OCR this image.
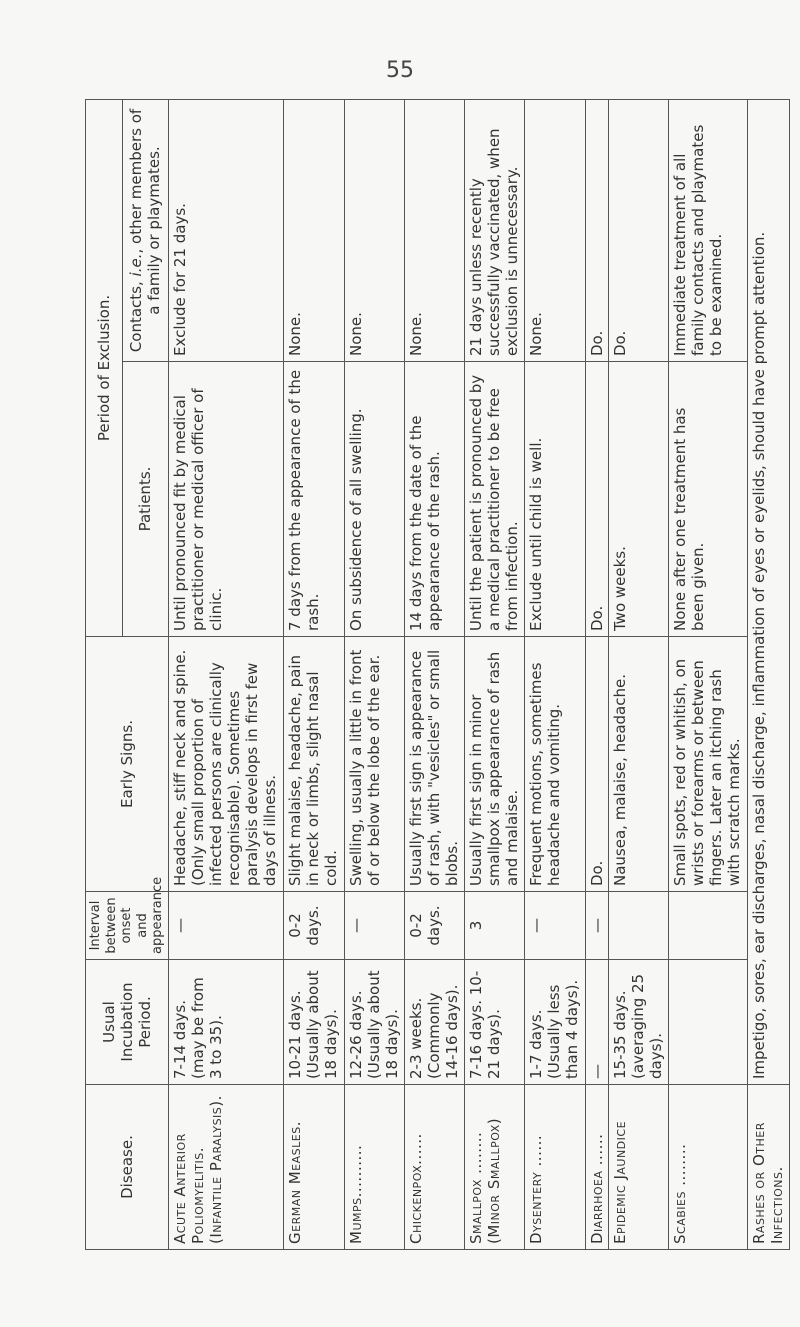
55
Disease.	Usual Incubation Period.	Interval between onset and appearance	Early Signs.	Period of Exclusion.	
				Patients.	Contacts, i.e., other members of a family or playmates.
Acute Anterior Poliomyelitis. (Infantile Paralysis).	7-14 days. (may be from 3 to 35).	—	Headache, stiff neck and spine. (Only small proportion of infected persons are clinically recognisable). Sometimes paralysis develops in first few days of illness.	Until pronounced fit by medical practitioner or medical officer of clinic.	Exclude for 21 days.
German Measles.	10-21 days. (Usually about 18 days).	0-2 days.	Slight malaise, headache, pain in neck or limbs, slight nasal cold.	7 days from the appearance of the rash.	None.
Mumps..........	12-26 days. (Usually about 18 days).	—	Swelling, usually a little in front of or below the lobe of the ear.	On subsidence of all swelling.	None.
Chickenpox......	2-3 weeks. (Commonly 14-16 days).	0-2 days.	Usually first sign is appearance of rash, with "vesicles" or small blobs.	14 days from the date of the appearance of the rash.	None.
Smallpox ........ (Minor Smallpox)	7-16 days. 10-21 days).	3	Usually first sign in minor smallpox is appearance of rash and malaise.	Until the patient is pronounced by a medical practitioner to be free from infection.	21 days unless recently successfully vaccinated, when exclusion is unnecessary.
Dysentery ......	1-7 days. (Usually less than 4 days).	—	Frequent motions, sometimes headache and vomiting.	Exclude until child is well.	None.
Diarrhoea ......	—	—	Do.	Do.	Do.
Epidemic Jaundice	15-35 days. (averaging 25 days).		Nausea, malaise, headache.	Two weeks.	Do.
Scabies ........			Small spots, red or whitish, on wrists or forearms or between fingers. Later an itching rash with scratch marks.	None after one treatment has been given.	Immediate treatment of all family contacts and playmates to be examined.
Rashes or Other Infections.	Impetigo, sores, ear discharges, nasal discharge, inflammation of eyes or eyelids, should have prompt attention.				
